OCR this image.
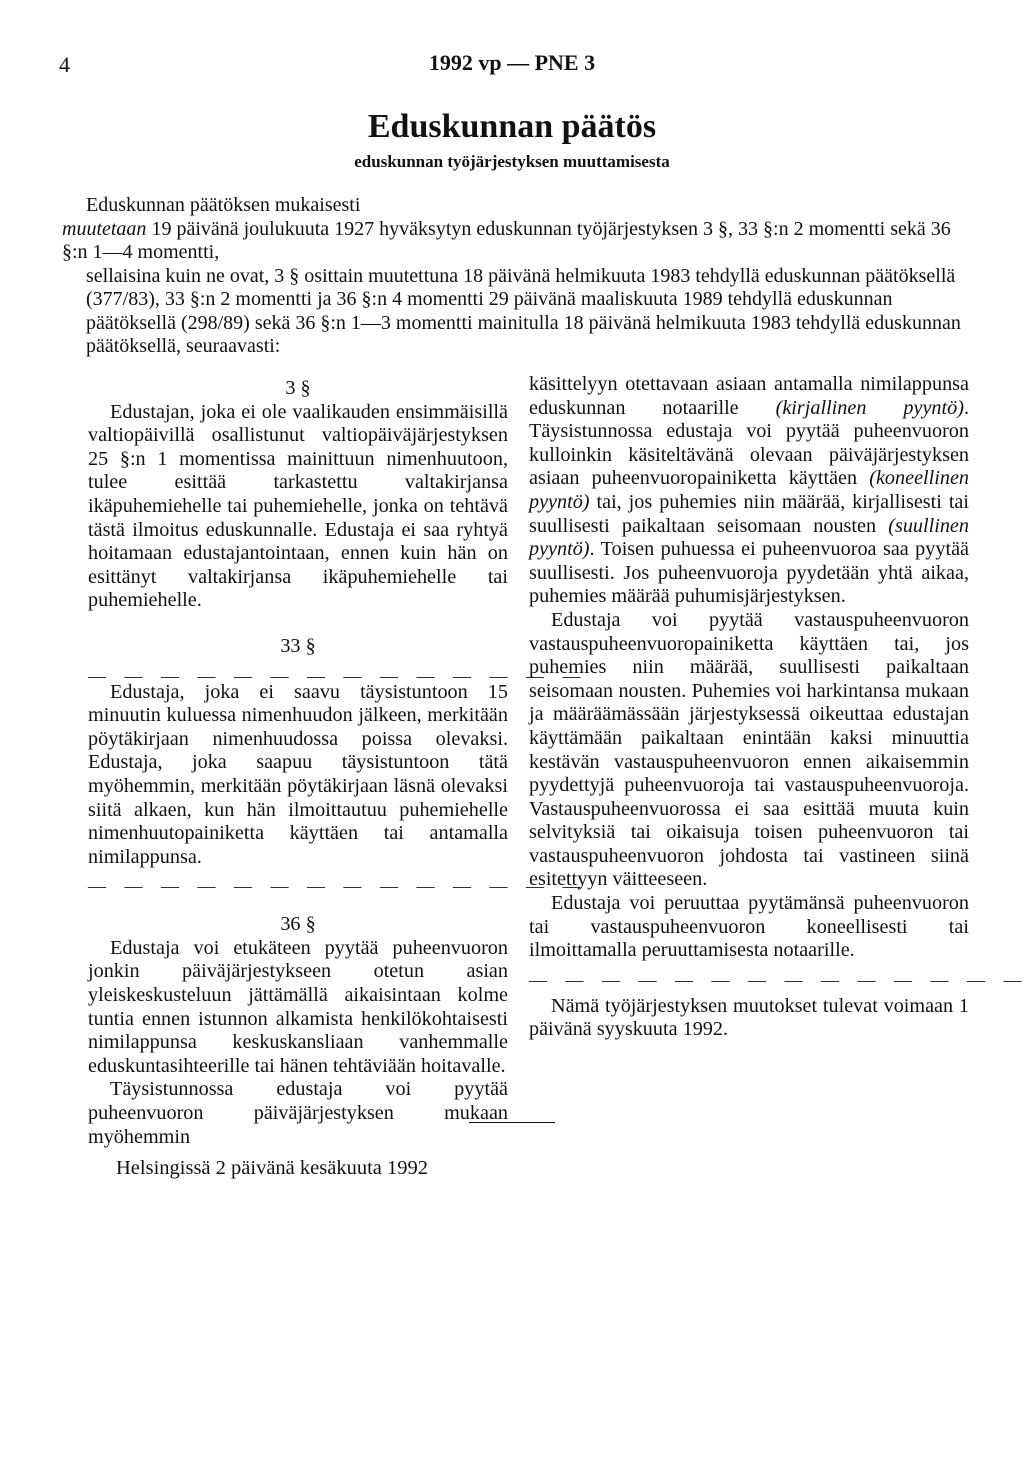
4	1992 vp — PNE 3
Eduskunnan päätös
eduskunnan työjärjestyksen muuttamisesta

Eduskunnan päätöksen mukaisesti

muutetaan 19 päivänä joulukuuta 1927 hyväksytyn eduskunnan työjärjestyksen 3 §, 33 §:n 2 momentti sekä 36 §:n 1—4 momentti,

sellaisina kuin ne ovat, 3 § osittain muutettuna 18 päivänä helmikuuta 1983 tehdyllä eduskunnan päätöksellä (377/83), 33 §:n 2 momentti ja 36 §:n 4 momentti 29 päivänä maaliskuuta 1989 tehdyllä eduskunnan päätöksellä (298/89) sekä 36 §:n 1—3 momentti mainitulla 18 päivänä helmikuuta 1983 tehdyllä eduskunnan päätöksellä, seuraavasti:

3 §

Edustajan, joka ei ole vaalikauden ensimmäisillä valtiopäivillä osallistunut valtiopäiväjärjestyksen 25 §:n 1 momentissa mainittuun nimenhuutoon, tulee esittää tarkastettu valtakirjansa ikäpuhemiehelle tai puhemiehelle, jonka on tehtävä tästä ilmoitus eduskunnalle. Edustaja ei saa ryhtyä hoitamaan edustajantointaan, ennen kuin hän on esittänyt valtakirjansa ikäpuhemiehelle tai puhemiehelle.

33 §

— — — — — — — — — — — — — —

Edustaja, joka ei saavu täysistuntoon 15 minuutin kuluessa nimenhuudon jälkeen, merkitään pöytäkirjaan nimenhuudossa poissa olevaksi. Edustaja, joka saapuu täysistuntoon tätä myöhemmin, merkitään pöytäkirjaan läsnä olevaksi siitä alkaen, kun hän ilmoittautuu puhemiehelle nimenhuutopainiketta käyttäen tai antamalla nimilappunsa.

— — — — — — — — — — — — — —

36 §

Edustaja voi etukäteen pyytää puheenvuoron jonkin päiväjärjestykseen otetun asian yleiskeskusteluun jättämällä aikaisintaan kolme tuntia ennen istunnon alkamista henkilökohtaisesti nimilappunsa keskuskansliaan vanhemmalle eduskuntasihteerille tai hänen tehtäviään hoitavalle.

Täysistunnossa edustaja voi pyytää puheenvuoron päiväjärjestyksen mukaan myöhemmin

käsittelyyn otettavaan asiaan antamalla nimilappunsa eduskunnan notaarille (kirjallinen pyyntö). Täysistunnossa edustaja voi pyytää puheenvuoron kulloinkin käsiteltävänä olevaan päiväjärjestyksen asiaan puheenvuoropainiketta käyttäen (koneellinen pyyntö) tai, jos puhemies niin määrää, kirjallisesti tai suullisesti paikaltaan seisomaan nousten (suullinen pyyntö). Toisen puhuessa ei puheenvuoroa saa pyytää suullisesti. Jos puheenvuoroja pyydetään yhtä aikaa, puhemies määrää puhumisjärjestyksen.

Edustaja voi pyytää vastauspuheenvuoron vastauspuheenvuoropainiketta käyttäen tai, jos puhemies niin määrää, suullisesti paikaltaan seisomaan nousten. Puhemies voi harkintansa mukaan ja määräämässään järjestyksessä oikeuttaa edustajan käyttämään paikaltaan enintään kaksi minuuttia kestävän vastauspuheenvuoron ennen aikaisemmin pyydettyjä puheenvuoroja tai vastauspuheenvuoroja. Vastauspuheenvuorossa ei saa esittää muuta kuin selvityksiä tai oikaisuja toisen puheenvuoron tai vastauspuheenvuoron johdosta tai vastineen siinä esitettyyn väitteeseen.

Edustaja voi peruuttaa pyytämänsä puheenvuoron tai vastauspuheenvuoron koneellisesti tai ilmoittamalla peruuttamisesta notaarille.

— — — — — — — — — — — — — —

Nämä työjärjestyksen muutokset tulevat voimaan 1 päivänä syyskuuta 1992.

Helsingissä 2 päivänä kesäkuuta 1992
